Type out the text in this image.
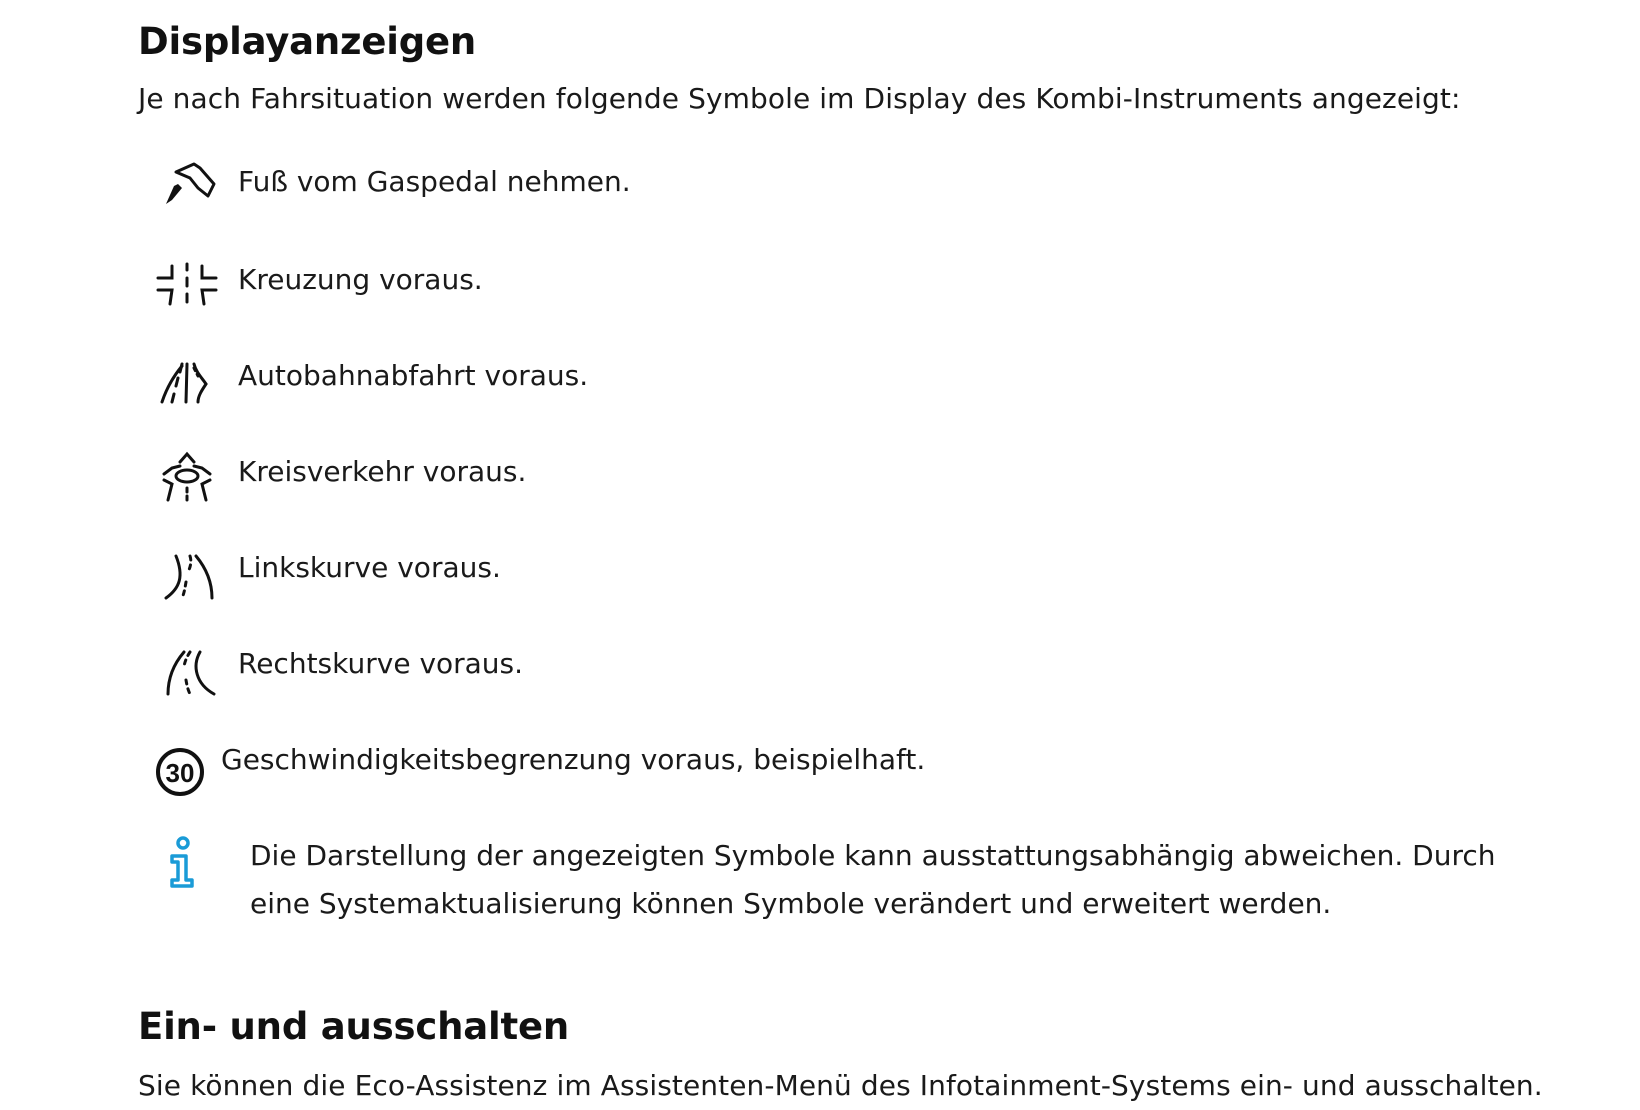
Displayanzeigen

Je nach Fahrsituation werden folgende Symbole im Display des Kombi-Instruments angezeigt:

Fuß vom Gaspedal nehmen.
Kreuzung voraus.
Autobahnabfahrt voraus.
Kreisverkehr voraus.
Linkskurve voraus.
Rechtskurve voraus.
30 Geschwindigkeitsbegrenzung voraus, beispielhaft.

Die Darstellung der angezeigten Symbole kann ausstattungsabhängig abweichen. Durch eine Systemaktualisierung können Symbole verändert und erweitert werden.

Ein- und ausschalten

Sie können die Eco-Assistenz im Assistenten-Menü des Infotainment-Systems ein- und ausschalten.
